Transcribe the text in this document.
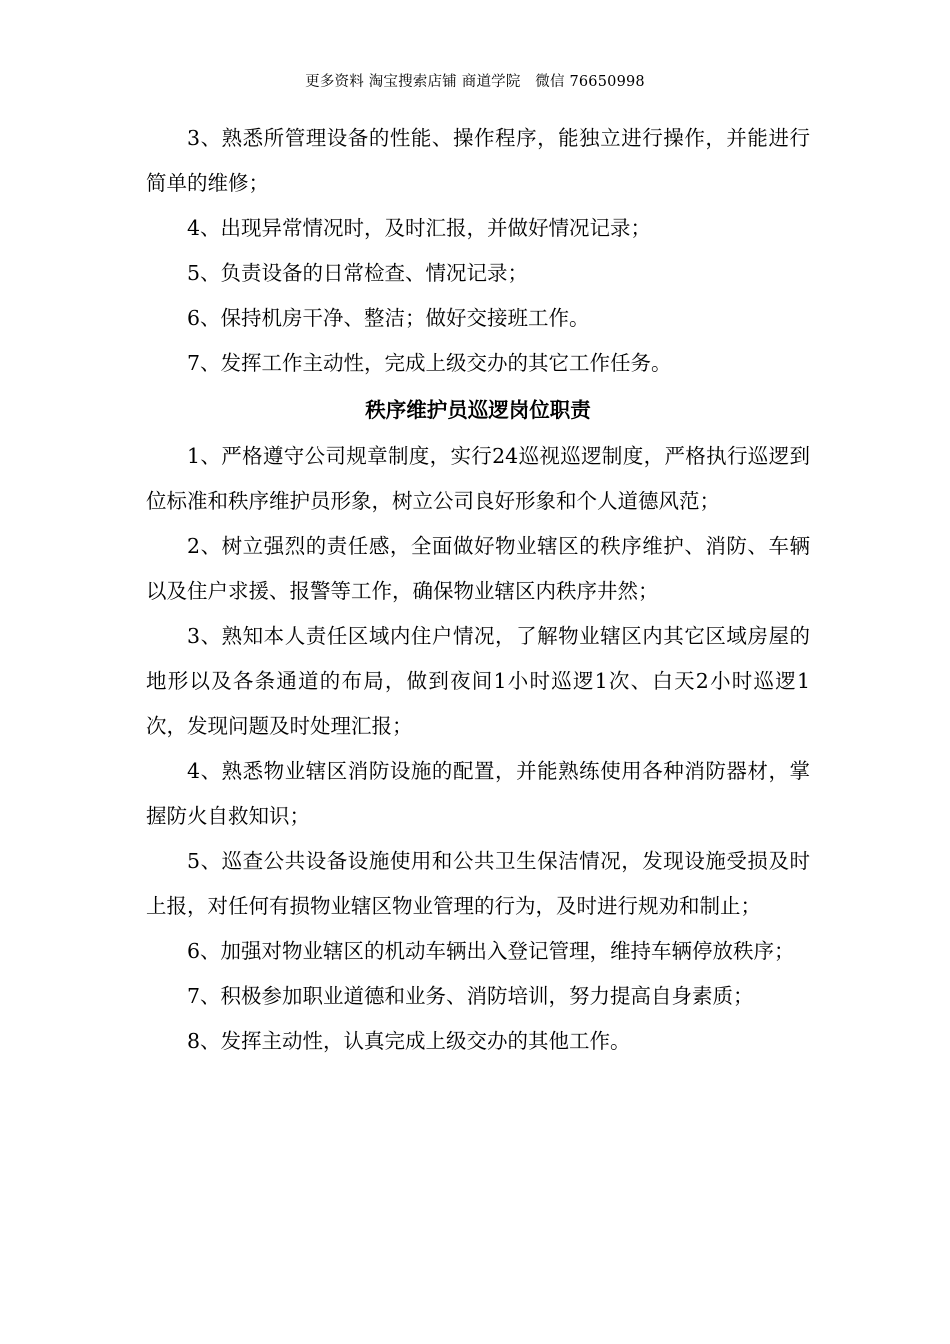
更多资料 淘宝搜索店铺 商道学院　微信 76650998

3、熟悉所管理设备的性能、操作程序，能独立进行操作，并能进行简单的维修；

4、出现异常情况时，及时汇报，并做好情况记录；

5、负责设备的日常检查、情况记录；

6、保持机房干净、整洁；做好交接班工作。

7、发挥工作主动性，完成上级交办的其它工作任务。

秩序维护员巡逻岗位职责

1、严格遵守公司规章制度，实行24巡视巡逻制度，严格执行巡逻到位标准和秩序维护员形象，树立公司良好形象和个人道德风范；

2、树立强烈的责任感，全面做好物业辖区的秩序维护、消防、车辆以及住户求援、报警等工作，确保物业辖区内秩序井然；

3、熟知本人责任区域内住户情况，了解物业辖区内其它区域房屋的地形以及各条通道的布局，做到夜间1小时巡逻1次、白天2小时巡逻1次，发现问题及时处理汇报；

4、熟悉物业辖区消防设施的配置，并能熟练使用各种消防器材，掌握防火自救知识；

5、巡查公共设备设施使用和公共卫生保洁情况，发现设施受损及时上报，对任何有损物业辖区物业管理的行为，及时进行规劝和制止；

6、加强对物业辖区的机动车辆出入登记管理，维持车辆停放秩序；

7、积极参加职业道德和业务、消防培训，努力提高自身素质；

8、发挥主动性，认真完成上级交办的其他工作。
